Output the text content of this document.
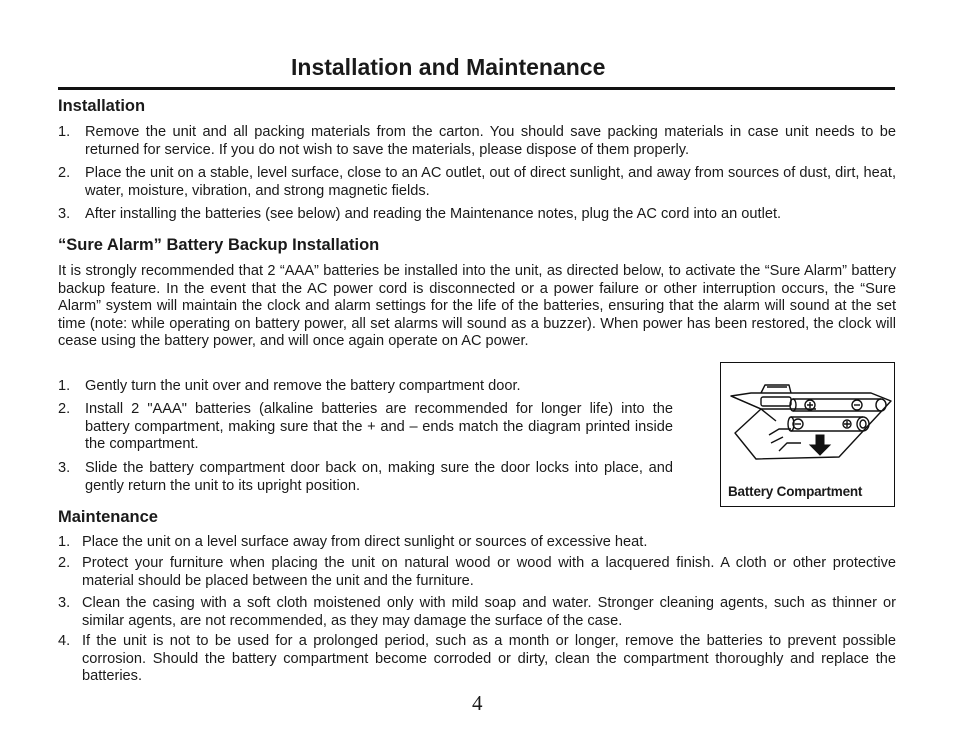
Installation and Maintenance
Installation
1. Remove the unit and all packing materials from the carton. You should save packing materials in case unit needs to be returned for service. If you do not wish to save the materials, please dispose of them properly.
2. Place the unit on a stable, level surface, close to an AC outlet, out of direct sunlight, and away from sources of dust, dirt, heat, water, moisture, vibration, and strong magnetic fields.
3. After installing the batteries (see below) and reading the Maintenance notes, plug the AC cord into an outlet.
“Sure Alarm” Battery Backup Installation
It is strongly recommended that 2 “AAA” batteries be installed into the unit, as directed below, to activate the “Sure Alarm” battery backup feature. In the event that the AC power cord is disconnected or a power failure or other interruption occurs, the “Sure Alarm” system will maintain the clock and alarm settings for the life of the batteries, ensuring that the alarm will sound at the set time (note: while operating on battery power, all set alarms will sound as a buzzer). When power has been restored, the clock will cease using the battery power, and will once again operate on AC power.
1. Gently turn the unit over and remove the battery compartment door.
2. Install 2 "AAA" batteries (alkaline batteries are recommended for longer life) into the battery compartment, making sure that the + and – ends match the diagram printed inside the compartment.
3. Slide the battery compartment door back on, making sure the door locks into place, and gently return the unit to its upright position.	Battery Compartment
Maintenance
1. Place the unit on a level surface away from direct sunlight or sources of excessive heat.
2. Protect your furniture when placing the unit on natural wood or wood with a lacquered finish. A cloth or other protective material should be placed between the unit and the furniture.
3. Clean the casing with a soft cloth moistened only with mild soap and water. Stronger cleaning agents, such as thinner or similar agents, are not recommended, as they may damage the surface of the case.
4. If the unit is not to be used for a prolonged period, such as a month or longer, remove the batteries to prevent possible corrosion. Should the battery compartment become corroded or dirty, clean the compartment thoroughly and replace the batteries.
4
